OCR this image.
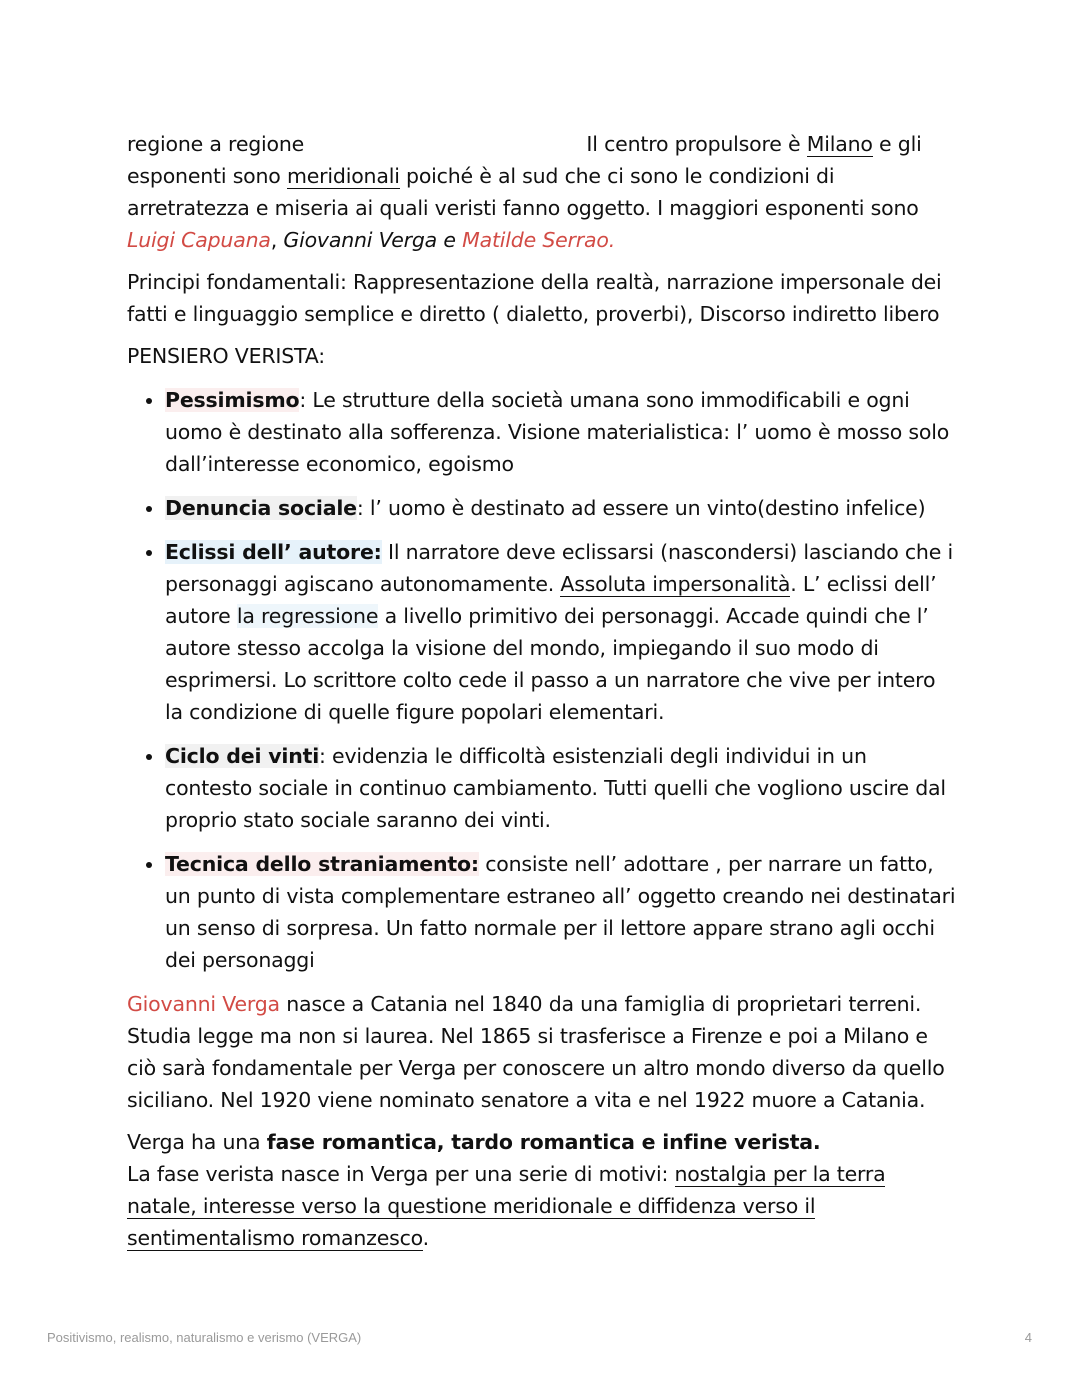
regione a regione	Il centro propulsore è Milano e gli esponenti sono meridionali poiché è al sud che ci sono le condizioni di arretratezza e miseria ai quali veristi fanno oggetto. I maggiori esponenti sono
Luigi Capuana, Giovanni Verga e Matilde Serrao.

Principi fondamentali: Rappresentazione della realtà, narrazione impersonale dei fatti e linguaggio semplice e diretto ( dialetto, proverbi), Discorso indiretto libero

PENSIERO VERISTA:

• Pessimismo: Le strutture della società umana sono immodificabili e ogni uomo è destinato alla sofferenza. Visione materialistica: l’ uomo è mosso solo dall’interesse economico, egoismo
• Denuncia sociale: l’ uomo è destinato ad essere un vinto(destino infelice)
• Eclissi dell’ autore: Il narratore deve eclissarsi (nascondersi) lasciando che i personaggi agiscano autonomamente. Assoluta impersonalità. L’ eclissi dell’ autore la regressione a livello primitivo dei personaggi. Accade quindi che l’ autore stesso accolga la visione del mondo, impiegando il suo modo di esprimersi. Lo scrittore colto cede il passo a un narratore che vive per intero la condizione di quelle figure popolari elementari.
• Ciclo dei vinti: evidenzia le difficoltà esistenziali degli individui in un contesto sociale in continuo cambiamento. Tutti quelli che vogliono uscire dal proprio stato sociale saranno dei vinti.
• Tecnica dello straniamento: consiste nell’ adottare , per narrare un fatto, un punto di vista complementare estraneo all’ oggetto creando nei destinatari un senso di sorpresa. Un fatto normale per il lettore appare strano agli occhi dei personaggi

Giovanni Verga nasce a Catania nel 1840 da una famiglia di proprietari terreni. Studia legge ma non si laurea. Nel 1865 si trasferisce a Firenze e poi a Milano e ciò sarà fondamentale per Verga per conoscere un altro mondo diverso da quello siciliano. Nel 1920 viene nominato senatore a vita e nel 1922 muore a Catania.

Verga ha una fase romantica, tardo romantica e infine verista.
La fase verista nasce in Verga per una serie di motivi: nostalgia per la terra natale, interesse verso la questione meridionale e diffidenza verso il sentimentalismo romanzesco.

Positivismo, realismo, naturalismo e verismo (VERGA)	4
